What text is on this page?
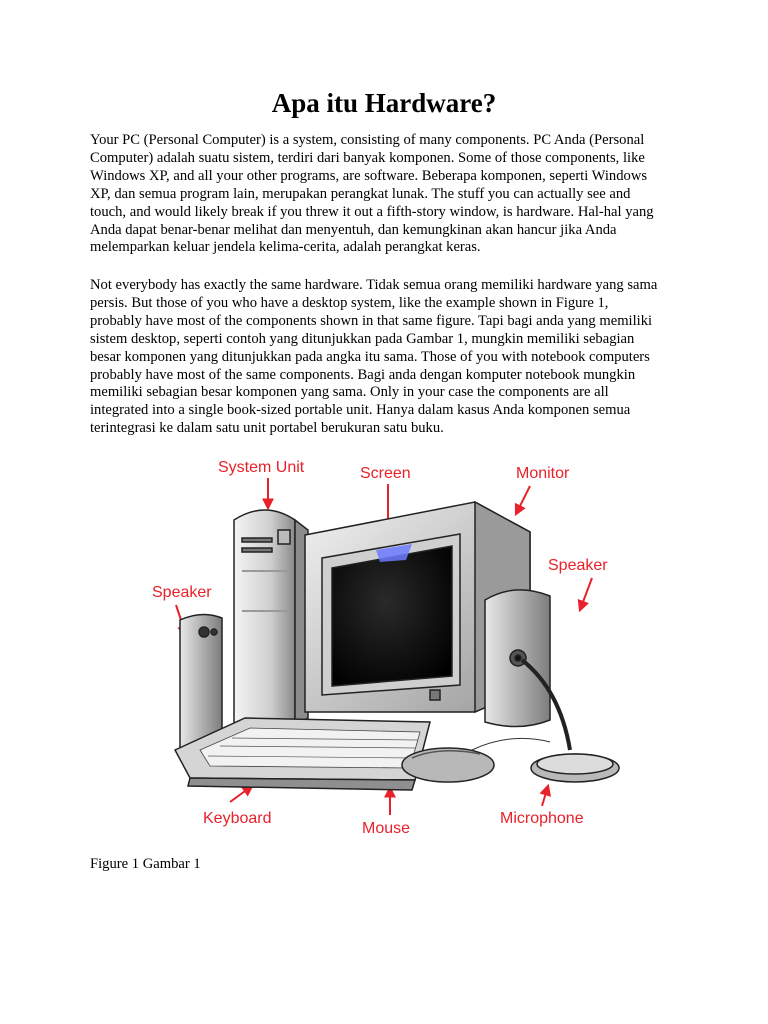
Apa itu Hardware?

Your PC (Personal Computer) is a system, consisting of many components. PC Anda (Personal
Computer) adalah suatu sistem, terdiri dari banyak komponen. Some of those components, like
Windows XP, and all your other programs, are software. Beberapa komponen, seperti Windows
XP, dan semua program lain, merupakan perangkat lunak. The stuff you can actually see and
touch, and would likely break if you threw it out a fifth-story window, is hardware. Hal-hal yang
Anda dapat benar-benar melihat dan menyentuh, dan kemungkinan akan hancur jika Anda
melemparkan keluar jendela kelima-cerita, adalah perangkat keras.

Not everybody has exactly the same hardware. Tidak semua orang memiliki hardware yang sama
persis. But those of you who have a desktop system, like the example shown in Figure 1,
probably have most of the components shown in that same figure. Tapi bagi anda yang memiliki
sistem desktop, seperti contoh yang ditunjukkan pada Gambar 1, mungkin memiliki sebagian
besar komponen yang ditunjukkan pada angka itu sama. Those of you with notebook computers
probably have most of the same components. Bagi anda dengan komputer notebook mungkin
memiliki sebagian besar komponen yang sama. Only in your case the components are all
integrated into a single book-sized portable unit. Hanya dalam kasus Anda komponen semua
terintegrasi ke dalam satu unit portabel berukuran satu buku.

System Unit	Screen	Monitor
Speaker
Speaker
Keyboard
Mouse
Microphone

Figure 1 Gambar 1
